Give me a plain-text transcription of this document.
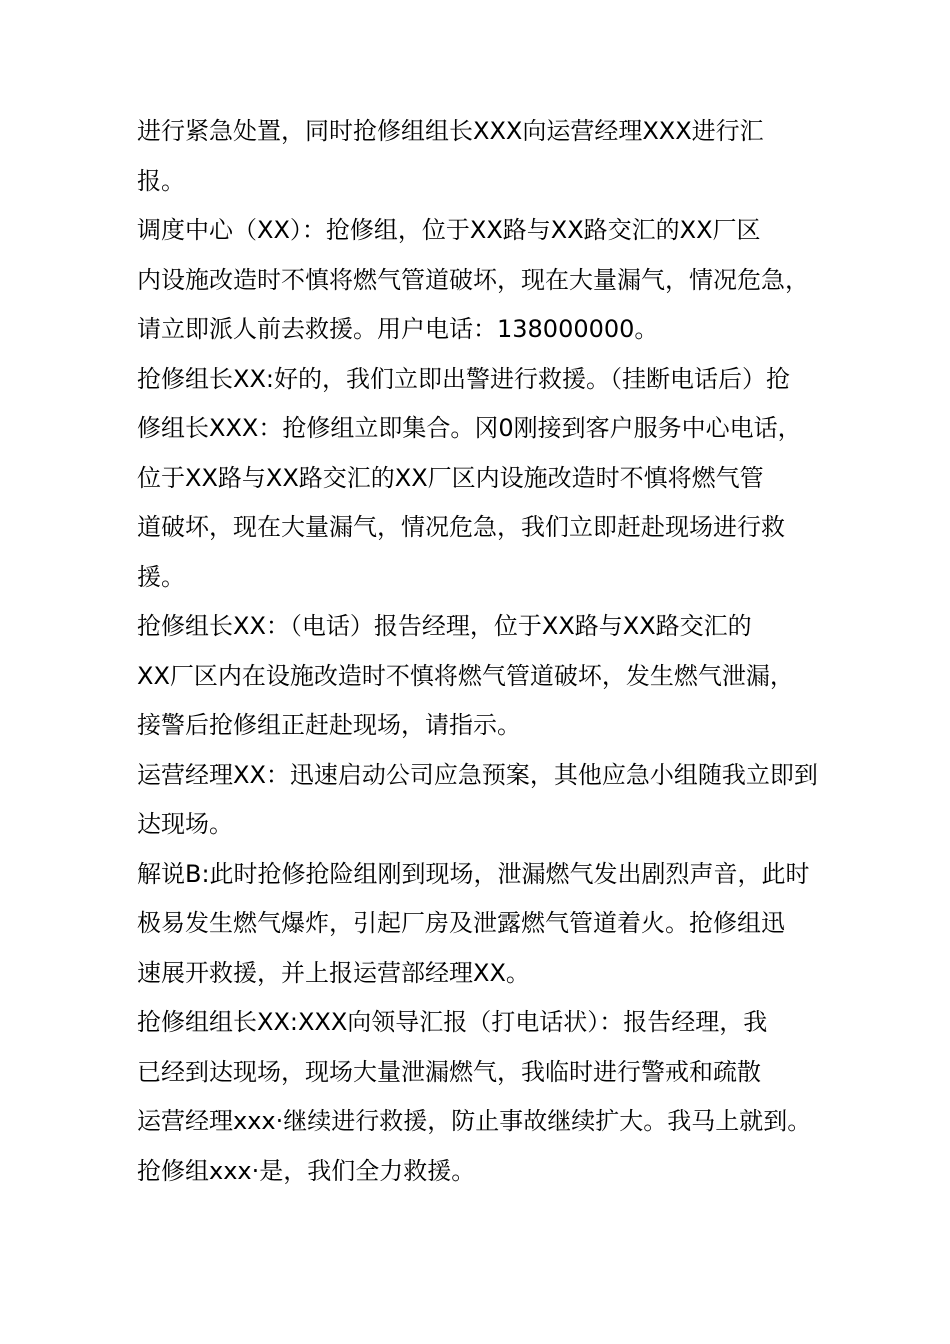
进行紧急处置，同时抢修组组长XXX向运营经理XXX进行汇
报。
调度中心（XX）：抢修组，位于XX路与XX路交汇的XX厂区
内设施改造时不慎将燃气管道破坏，现在大量漏气，情况危急，
请立即派人前去救援。用户电话：138000000。
抢修组长XX:好的，我们立即出警进行救援。（挂断电话后）抢
修组长XXX：抢修组立即集合。冈0刚接到客户服务中心电话，
位于XX路与XX路交汇的XX厂区内设施改造时不慎将燃气管
道破坏，现在大量漏气，情况危急，我们立即赶赴现场进行救
援。
抢修组长XX：（电话）报告经理，位于XX路与XX路交汇的
XX厂区内在设施改造时不慎将燃气管道破坏，发生燃气泄漏，
接警后抢修组正赶赴现场，请指示。
运营经理XX：迅速启动公司应急预案，其他应急小组随我立即到
达现场。
解说B:此时抢修抢险组刚到现场，泄漏燃气发出剧烈声音，此时
极易发生燃气爆炸，引起厂房及泄露燃气管道着火。抢修组迅
速展开救援，并上报运营部经理XX。
抢修组组长XX:XXX向领导汇报（打电话状）：报告经理，我
已经到达现场，现场大量泄漏燃气，我临时进行警戒和疏散
运营经理xxx·继续进行救援，防止事故继续扩大。我马上就到。
抢修组xxx·是，我们全力救援。
